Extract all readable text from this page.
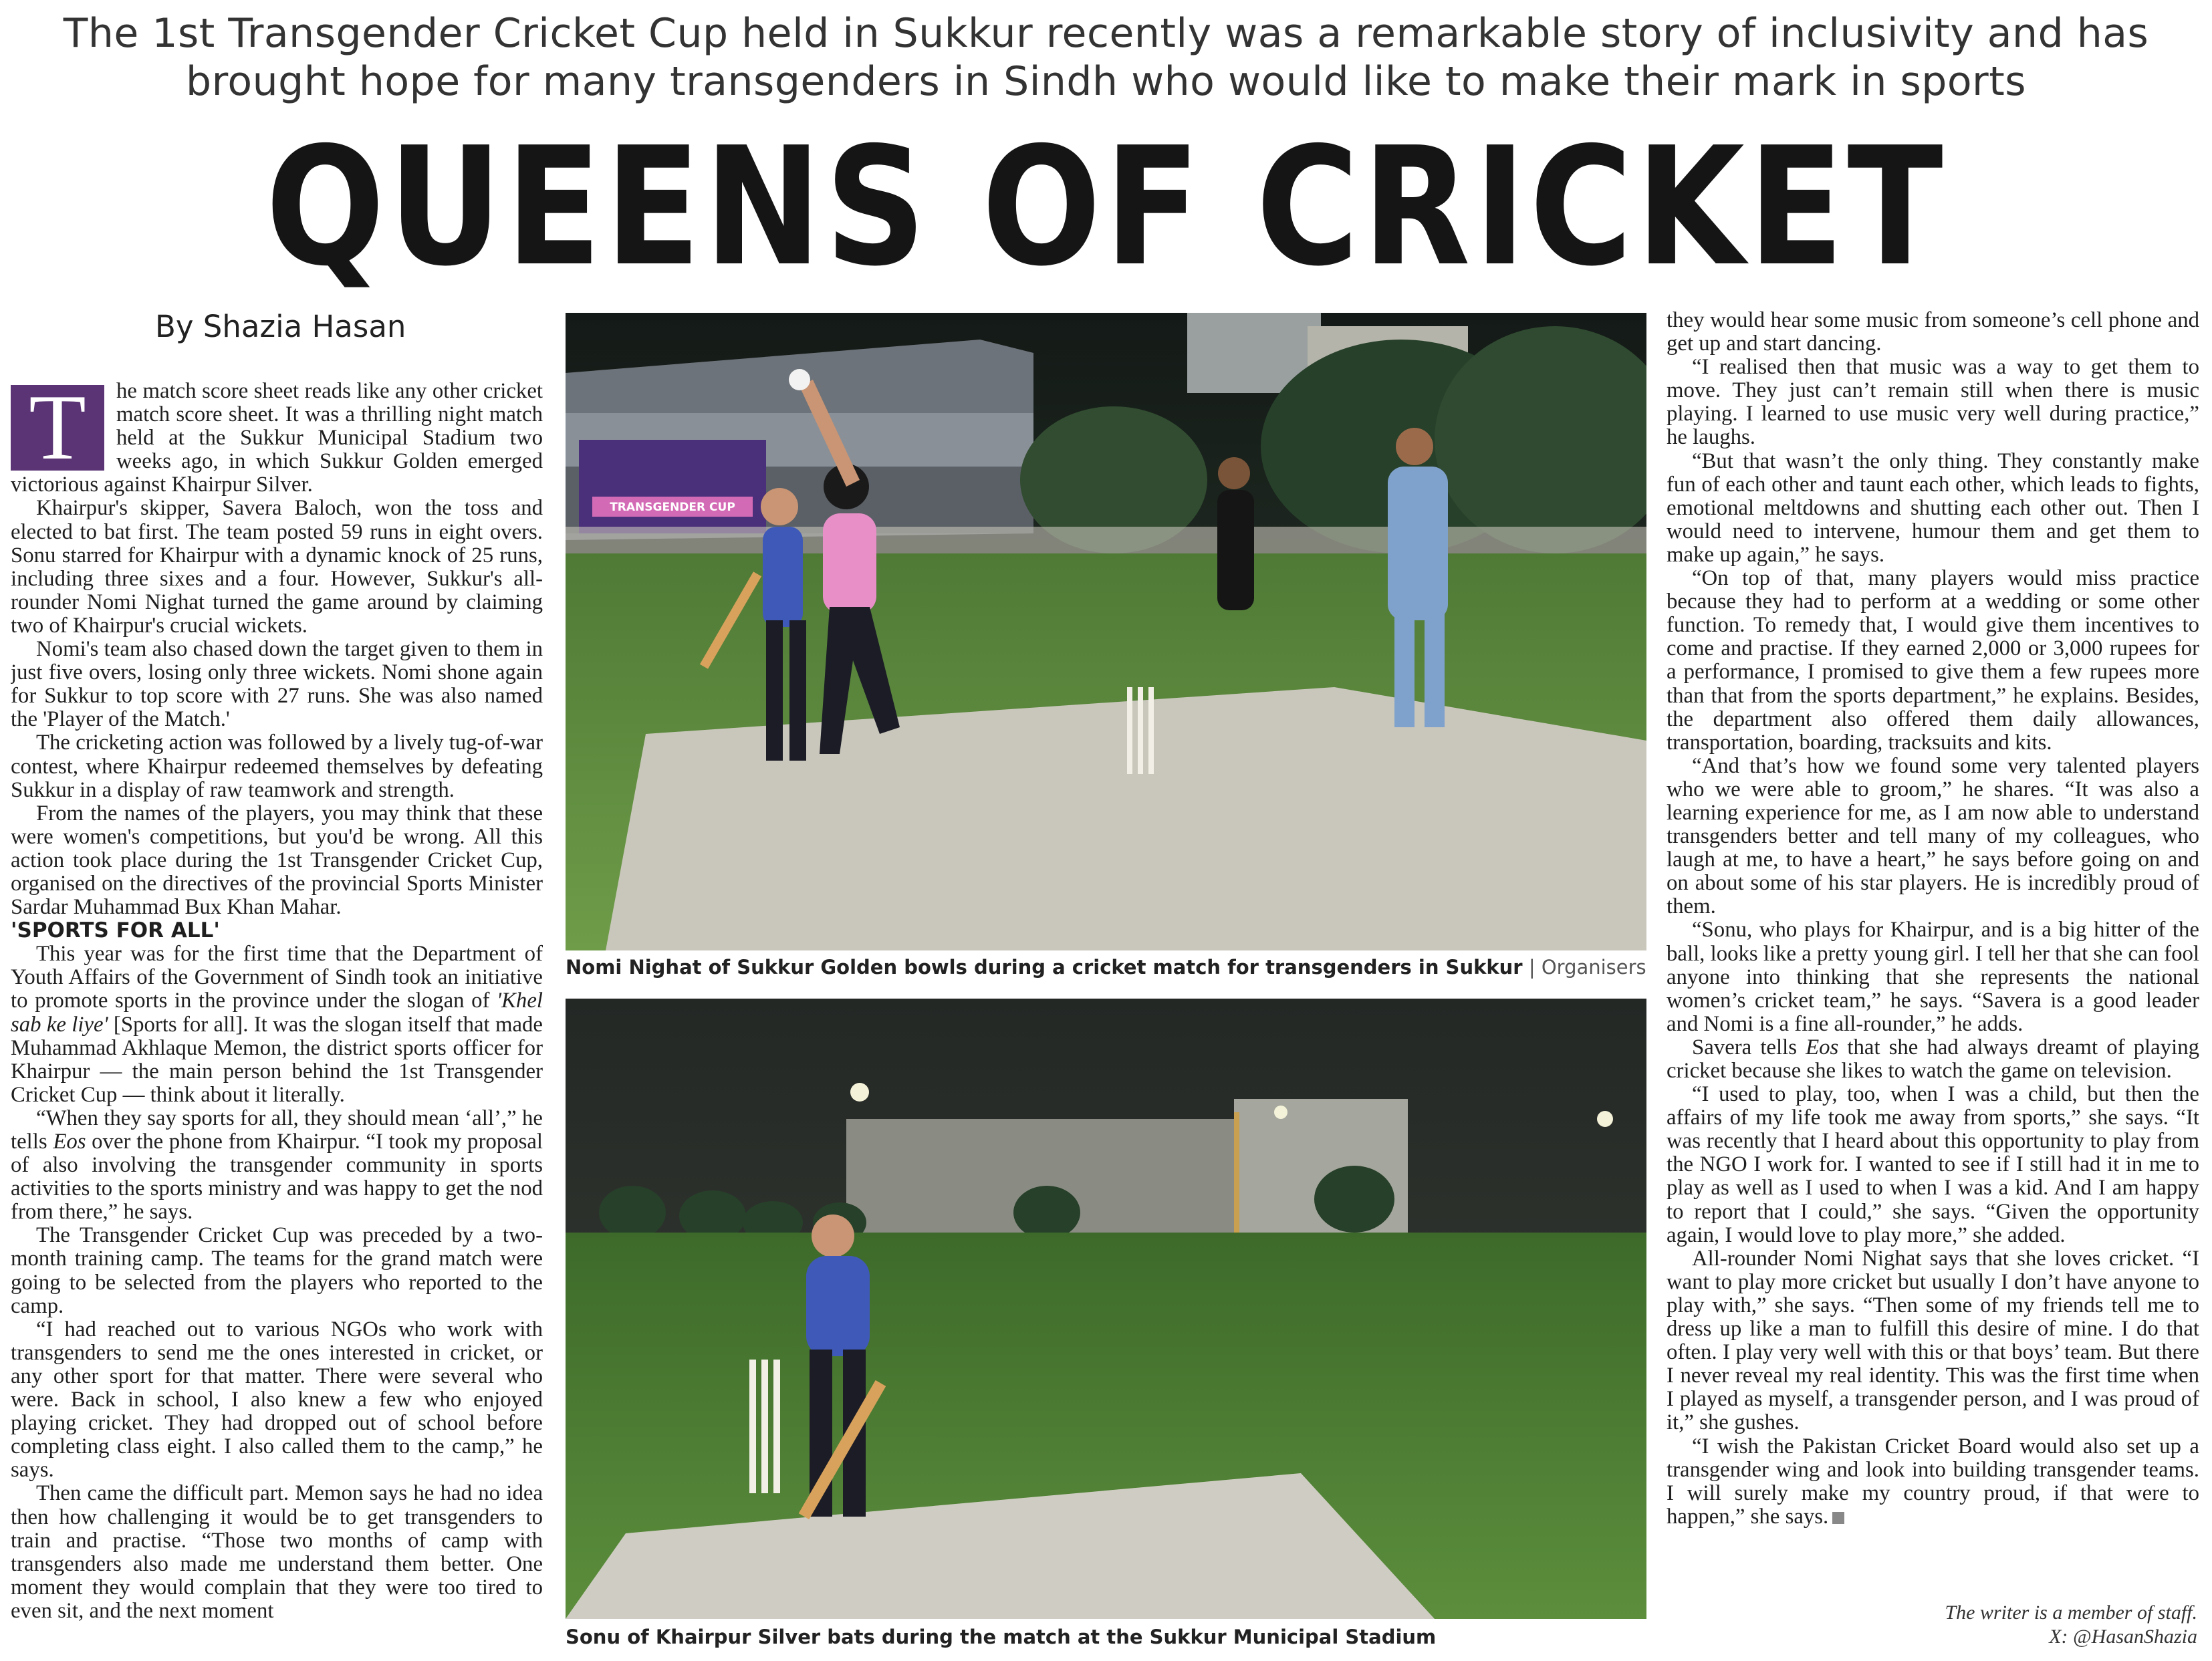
The 1st Transgender Cricket Cup held in Sukkur recently was a remarkable story of inclusivity and has brought hope for many transgenders in Sindh who would like to make their mark in sports
QUEENS OF CRICKET
By Shazia Hasan

T	he match score sheet reads like any other cricket match score sheet. It was a thrilling night match held at the Sukkur Municipal Stadium two weeks ago, in which Sukkur Golden emerged victorious against Khairpur Silver.

Khairpur's skipper, Savera Baloch, won the toss and elected to bat first. The team posted 59 runs in eight overs. Sonu starred for Khairpur with a dynamic knock of 25 runs, including three sixes and a four. However, Sukkur's all-rounder Nomi Nighat turned the game around by claiming two of Khairpur's crucial wickets.

Nomi's team also chased down the target given to them in just five overs, losing only three wickets. Nomi shone again for Sukkur to top score with 27 runs. She was also named the 'Player of the Match.'

The cricketing action was followed by a lively tug-of-war contest, where Khairpur redeemed themselves by defeating Sukkur in a display of raw teamwork and strength.

From the names of the players, you may think that these were women's competitions, but you'd be wrong. All this action took place during the 1st Transgender Cricket Cup, organised on the directives of the provincial Sports Minister Sardar Muhammad Bux Khan Mahar.

'SPORTS FOR ALL'

This year was for the first time that the Department of Youth Affairs of the Government of Sindh took an initiative to promote sports in the province under the slogan of 'Khel sab ke liye' [Sports for all]. It was the slogan itself that made Muhammad Akhlaque Memon, the district sports officer for Khairpur — the main person behind the 1st Transgender Cricket Cup — think about it literally.

“When they say sports for all, they should mean ‘all’,” he tells Eos over the phone from Khairpur. “I took my proposal of also involving the transgender community in sports activities to the sports ministry and was happy to get the nod from there,” he says.

The Transgender Cricket Cup was preceded by a two-month training camp. The teams for the grand match were going to be selected from the players who reported to the camp.

“I had reached out to various NGOs who work with transgenders to send me the ones interested in cricket, or any other sport for that matter. There were several who were. Back in school, I also knew a few who enjoyed playing cricket. They had dropped out of school before completing class eight. I also called them to the camp,” he says.

Then came the difficult part. Memon says he had no idea then how challenging it would be to get transgenders to train and practise. “Those two months of camp with transgenders also made me understand them better. One moment they would complain that they were too tired to even sit, and the next moment

TRANSGENDER CUP
Nomi Nighat of Sukkur Golden bowls during a cricket match for transgenders in Sukkur | Organisers
Sonu of Khairpur Silver bats during the match at the Sukkur Municipal Stadium

they would hear some music from someone’s cell phone and get up and start dancing.

“I realised then that music was a way to get them to move. They just can’t remain still when there is music playing. I learned to use music very well during practice,” he laughs.

“But that wasn’t the only thing. They constantly make fun of each other and taunt each other, which leads to fights, emotional meltdowns and shutting each other out. Then I would need to intervene, humour them and get them to make up again,” he says.

“On top of that, many players would miss practice because they had to perform at a wedding or some other function. To remedy that, I would give them incentives to come and practise. If they earned 2,000 or 3,000 rupees for a performance, I promised to give them a few rupees more than that from the sports department,” he explains. Besides, the department also offered them daily allowances, transportation, boarding, tracksuits and kits.

“And that’s how we found some very talented players who we were able to groom,” he shares. “It was also a learning experience for me, as I am now able to understand transgenders better and tell many of my colleagues, who laugh at me, to have a heart,” he says before going on and on about some of his star players. He is incredibly proud of them.

“Sonu, who plays for Khairpur, and is a big hitter of the ball, looks like a pretty young girl. I tell her that she can fool anyone into thinking that she represents the national women’s cricket team,” he says. “Savera is a good leader and Nomi is a fine all-rounder,” he adds.

Savera tells Eos that she had always dreamt of playing cricket because she likes to watch the game on television.

“I used to play, too, when I was a child, but then the affairs of my life took me away from sports,” she says. “It was recently that I heard about this opportunity to play from the NGO I work for. I wanted to see if I still had it in me to play as well as I used to when I was a kid. And I am happy to report that I could,” she says. “Given the opportunity again, I would love to play more,” she added.

All-rounder Nomi Nighat says that she loves cricket. “I want to play more cricket but usually I don’t have anyone to play with,” she says. “Then some of my friends tell me to dress up like a man to fulfill this desire of mine. I do that often. I play very well with this or that boys’ team. But there I never reveal my real identity. This was the first time when I played as myself, a transgender person, and I was proud of it,” she gushes.

“I wish the Pakistan Cricket Board would also set up a transgender wing and look into building transgender teams. I will surely make my country proud, if that were to happen,” she says.

The writer is a member of staff.
X: @HasanShazia
